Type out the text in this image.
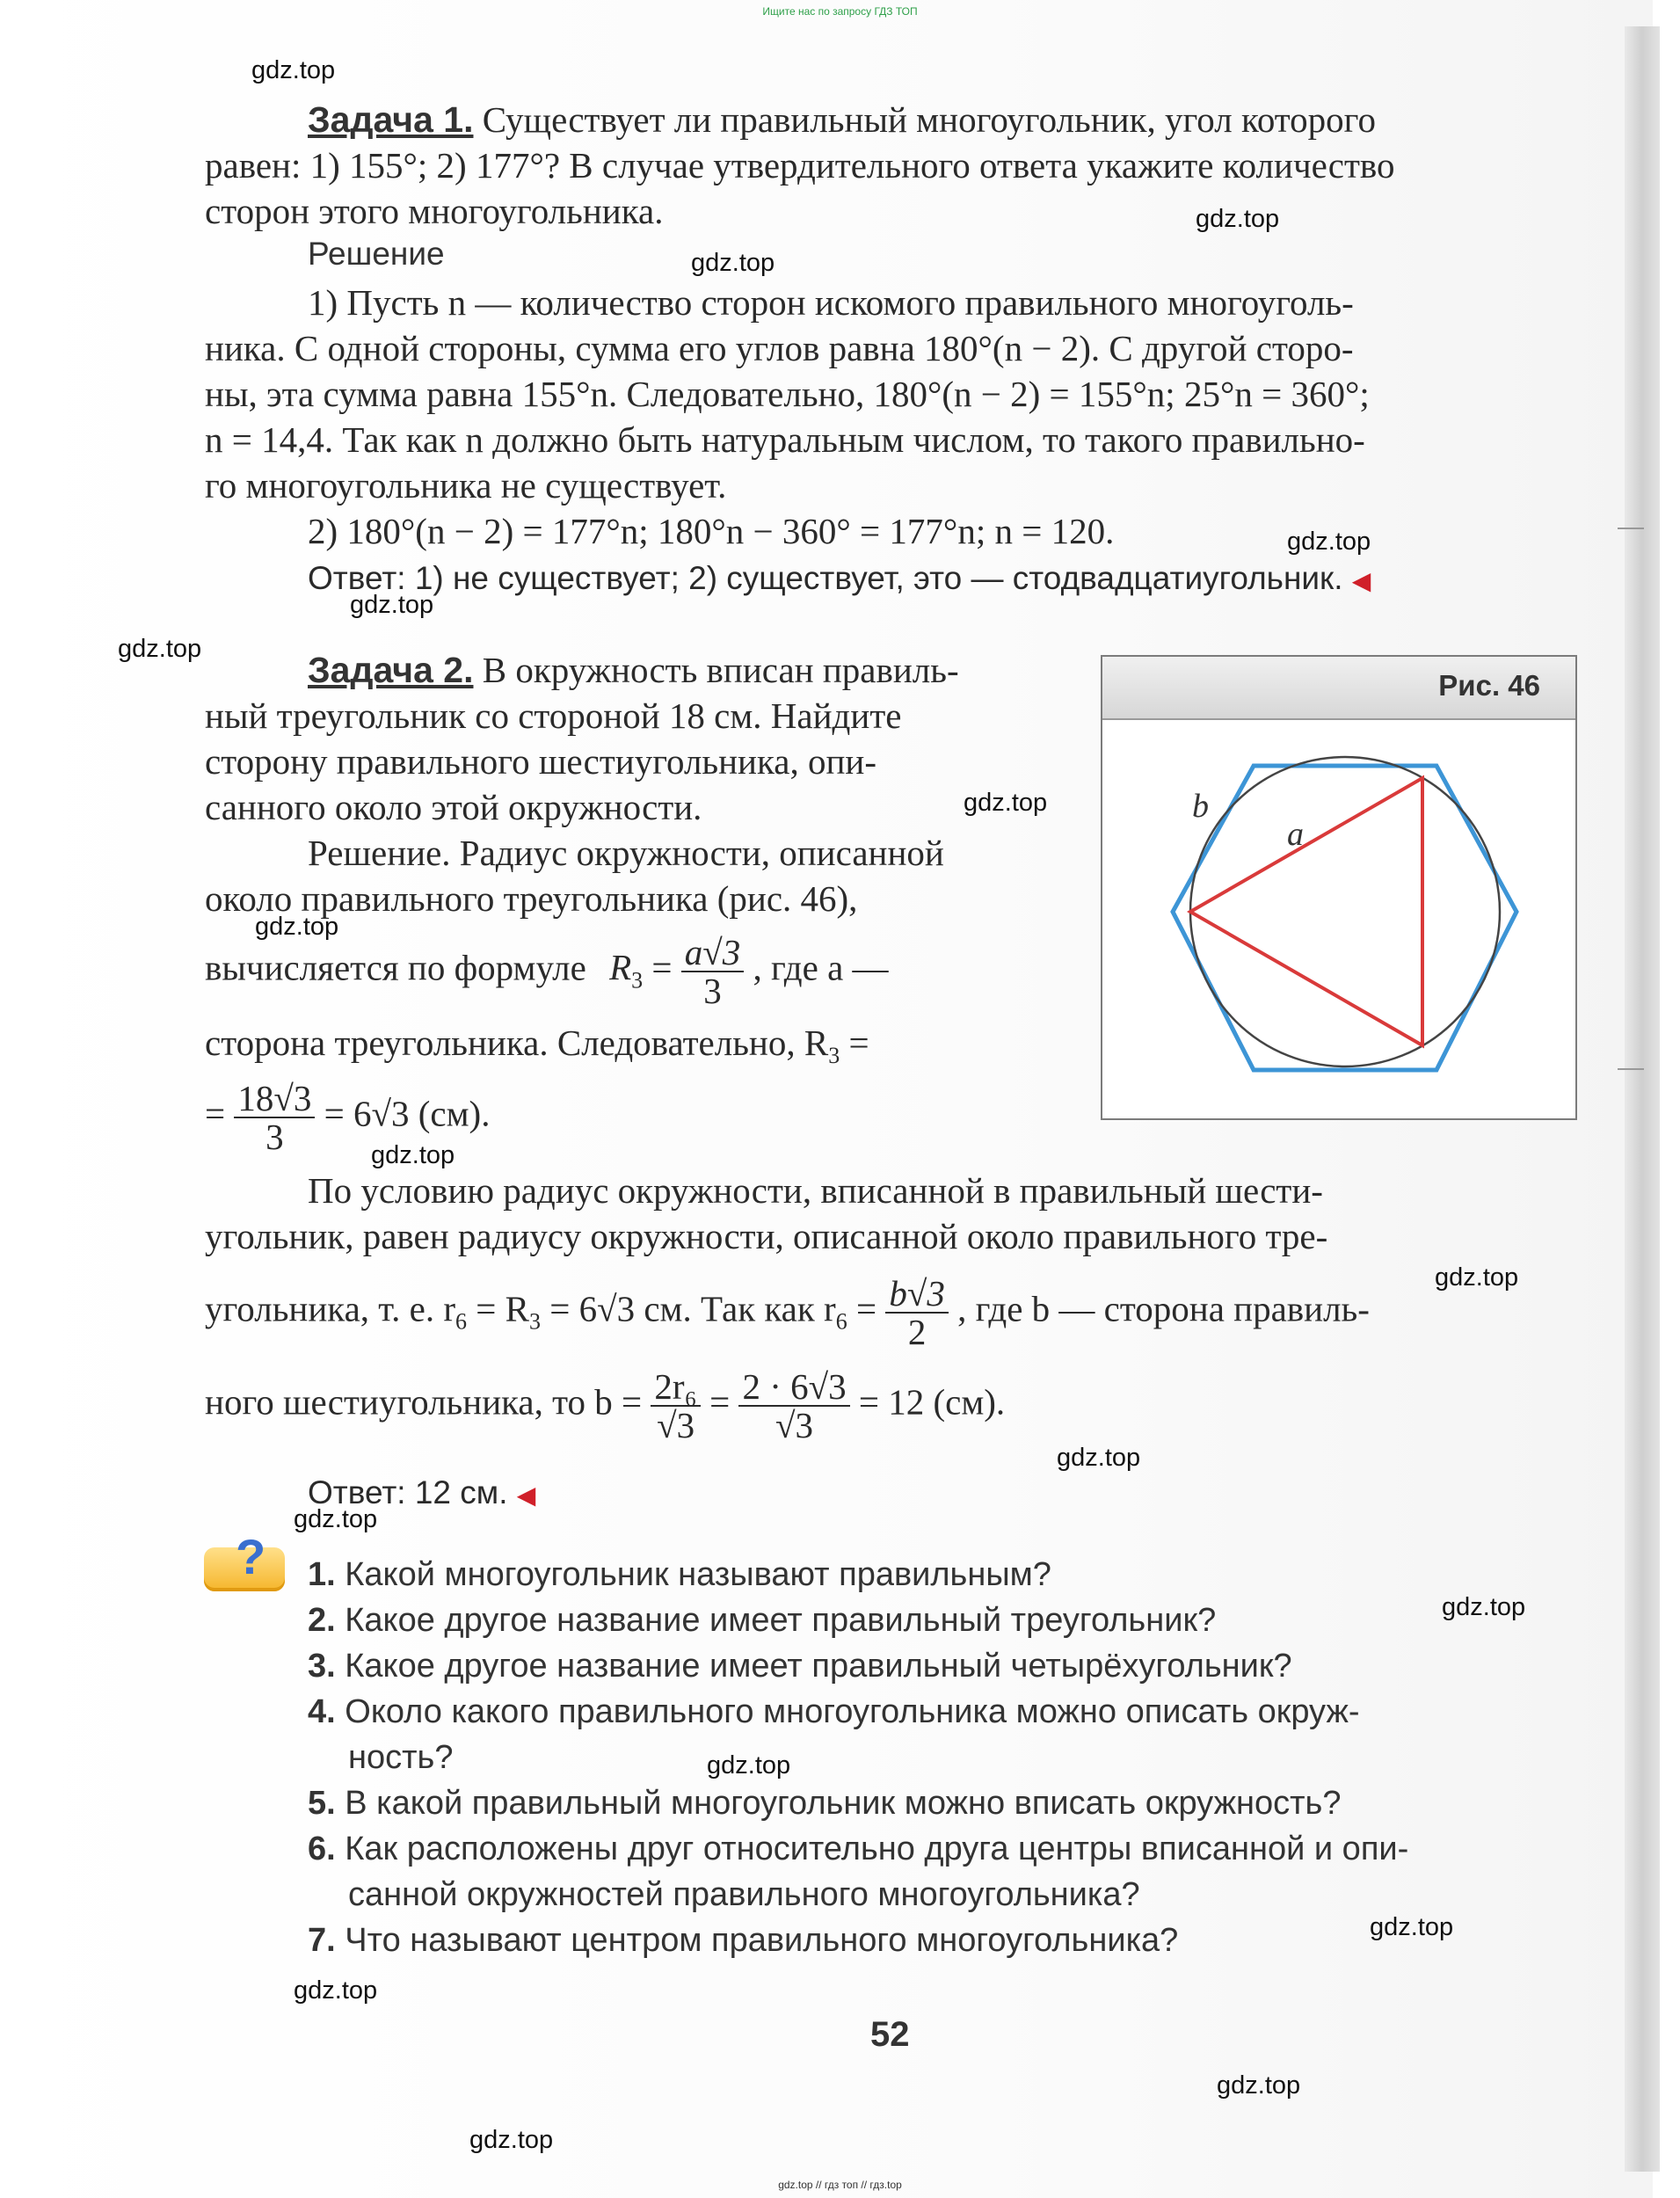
Ищите нас по запросу ГДЗ ТОП
gdz.top
gdz.top
gdz.top
gdz.top
gdz.top
gdz.top
gdz.top
gdz.top
gdz.top
gdz.top
gdz.top
gdz.top
gdz.top
gdz.top
gdz.top
gdz.top
gdz.top
gdz.top
Задача 1. Существует ли правильный многоугольник, угол которого
равен: 1) 155°; 2) 177°? В случае утвердительного ответа укажите количество
сторон этого многоугольника.
Решение
1) Пусть n — количество сторон искомого правильного многоуголь-
ника. С одной стороны, сумма его углов равна 180°(n − 2). С другой сторо-
ны, эта сумма равна 155°n. Следовательно, 180°(n − 2) = 155°n; 25°n = 360°;
n = 14,4. Так как n должно быть натуральным числом, то такого правильно-
го многоугольника не существует.
2) 180°(n − 2) = 177°n; 180°n − 360° = 177°n; n = 120.
Ответ: 1) не существует; 2) существует, это — стодвадцатиугольник. ◀
Задача 2. В окружность вписан правиль-
ный треугольник со стороной 18 см. Найдите
сторону правильного шестиугольника, опи-
санного около этой окружности.
Решение. Радиус окружности, описанной
около правильного треугольника (рис. 46),
вычисляется по формуле $R_3 = \frac{a√3}{3}$ , где a —
сторона треугольника. Следовательно, $R_3$ =
= $\frac{18√3}{3} = 6√3$ (см).
По условию радиус окружности, вписанной в правильный шести-
угольник, равен радиусу окружности, описанной около правильного тре-
угольника, т. е. $r_6 = R_3 = 6√3$ см. Так как $r_6 = \frac{b√3}{2}$ , где b — сторона правиль-
ного шестиугольника, то $b = \frac{\text{2r₆}}{√3} = \frac{2 \cdot 6√3}{√3} = 12$ (см).
Ответ: 12 см. ◀
Рис. 46
b
a
? 1. Какой многоугольник называют правильным?
2. Какое другое название имеет правильный треугольник?
3. Какое другое название имеет правильный четырёхугольник?
4. Около какого правильного многоугольника можно описать окруж-
ность?
5. В какой правильный многоугольник можно вписать окружность?
6. Как расположены друг относительно друга центры вписанной и опи-
санной окружностей правильного многоугольника?
7. Что называют центром правильного многоугольника?
52
gdz.top // гдз топ // гдз.top
